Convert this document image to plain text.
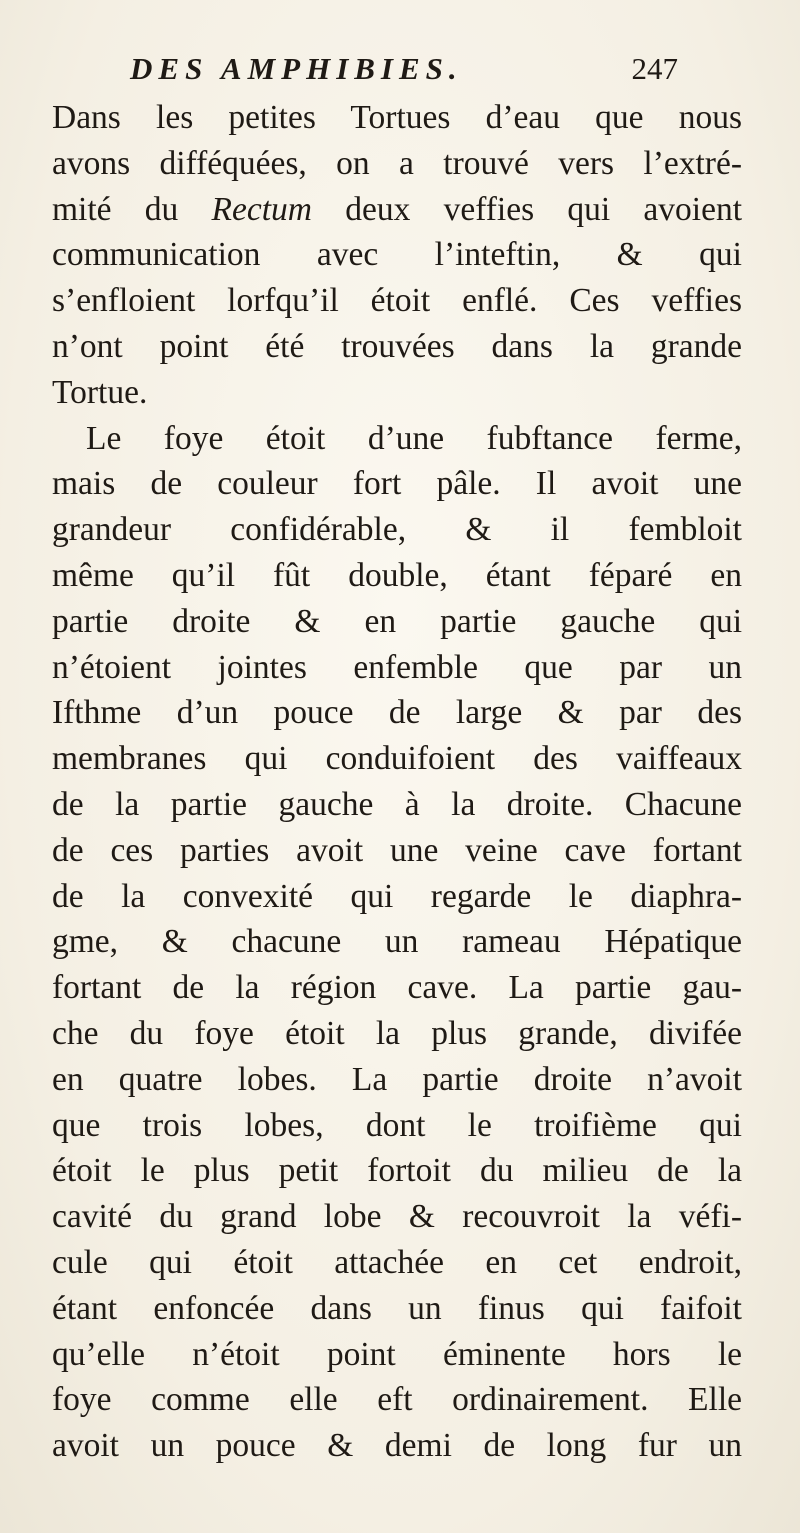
DES AMPHIBIES.	247
Dans les petites Tortues d’eau que nous
avons difféquées, on a trouvé vers l’extré-
mité du Rectum deux veffies qui avoient
communication avec l’inteftin, & qui
s’enfloient lorfqu’il étoit enflé. Ces veffies
n’ont point été trouvées dans la grande
Tortue.
Le foye étoit d’une fubftance ferme,
mais de couleur fort pâle. Il avoit une
grandeur confidérable, & il fembloit
même qu’il fût double, étant féparé en
partie droite & en partie gauche qui
n’étoient jointes enfemble que par un
Ifthme d’un pouce de large & par des
membranes qui conduifoient des vaiffeaux
de la partie gauche à la droite. Chacune
de ces parties avoit une veine cave fortant
de la convexité qui regarde le diaphra-
gme, & chacune un rameau Hépatique
fortant de la région cave. La partie gau-
che du foye étoit la plus grande, divifée
en quatre lobes. La partie droite n’avoit
que trois lobes, dont le troifième qui
étoit le plus petit fortoit du milieu de la
cavité du grand lobe & recouvroit la véfi-
cule qui étoit attachée en cet endroit,
étant enfoncée dans un finus qui faifoit
qu’elle n’étoit point éminente hors le
foye comme elle eft ordinairement. Elle
avoit un pouce & demi de long fur un
